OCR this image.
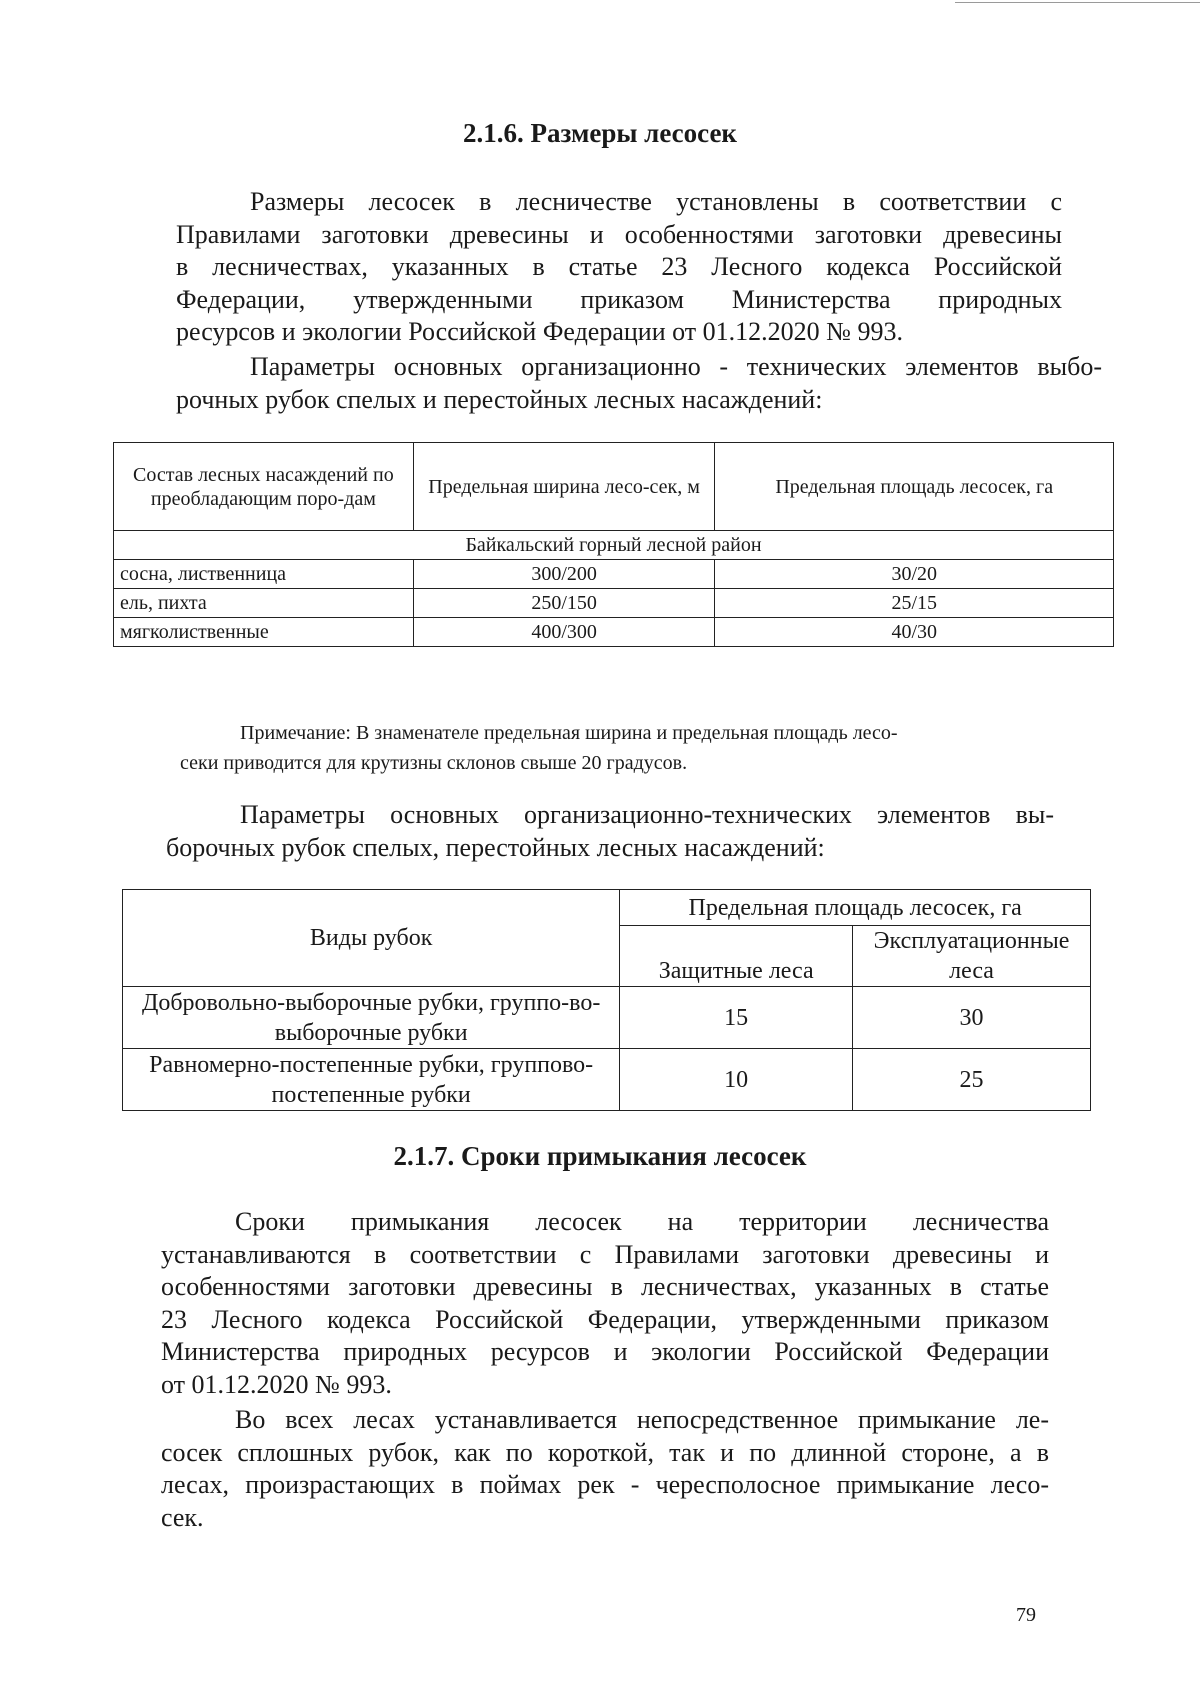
2.1.6. Размеры лесосек
Размеры лесосек в лесничестве установлены в соответствии с
Правилами заготовки древесины и особенностями заготовки древесины
в лесничествах, указанных в статье 23 Лесного кодекса Российской
Федерации, утвержденными приказом Министерства природных
ресурсов и экологии Российской Федерации от 01.12.2020 № 993.
Параметры основных организационно - технических элементов выбо-
рочных рубок спелых и перестойных лесных насаждений:
Состав лесных насаждений по преобладающим поро-дам	Предельная ширина лесо-сек, м	Предельная площадь лесосек, га
Байкальский горный лесной район		
сосна, лиственница	300/200	30/20
ель, пихта	250/150	25/15
мягколиственные	400/300	40/30
Примечание: В знаменателе предельная ширина и предельная площадь лесо-
секи приводится для крутизны склонов свыше 20 градусов.
Параметры основных организационно-технических элементов вы-
борочных рубок спелых, перестойных лесных насаждений:
Виды рубок	Предельная площадь лесосек, га	
	Защитные леса	Эксплуатационные леса
Добровольно-выборочные рубки, группо-во-выборочные рубки	15	30
Равномерно-постепенные рубки, группово-постепенные рубки	10	25
2.1.7. Сроки примыкания лесосек
Сроки примыкания лесосек на территории лесничества
устанавливаются в соответствии с Правилами заготовки древесины и
особенностями заготовки древесины в лесничествах, указанных в статье
23 Лесного кодекса Российской Федерации, утвержденными приказом
Министерства природных ресурсов и экологии Российской Федерации
от 01.12.2020 № 993.
Во всех лесах устанавливается непосредственное примыкание ле-
сосек сплошных рубок, как по короткой, так и по длинной стороне, а в
лесах, произрастающих в поймах рек - чересполосное примыкание лесо-
сек.
79
